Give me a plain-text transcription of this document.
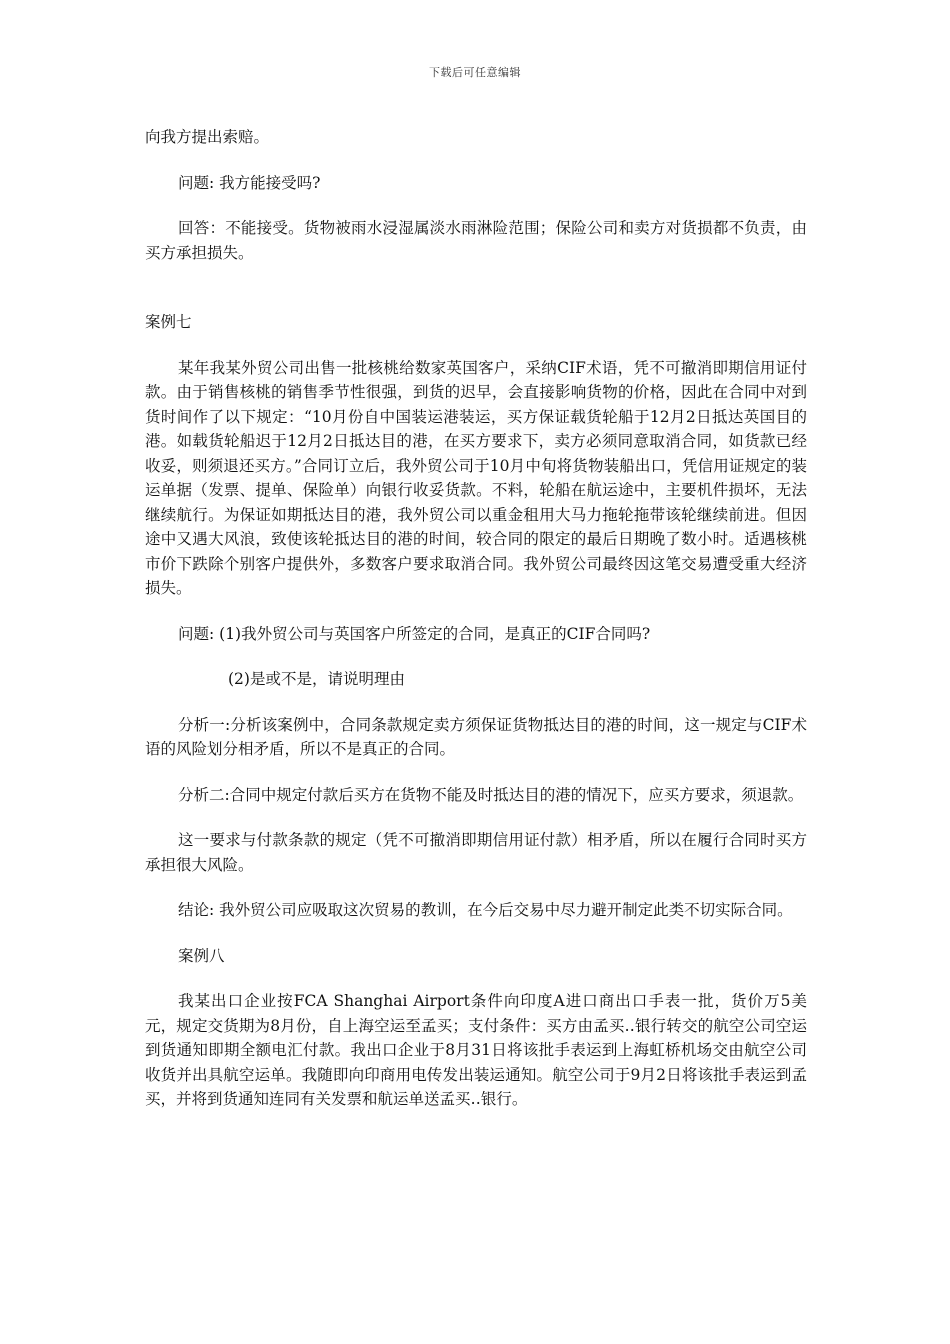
下载后可任意编辑

向我方提出索赔。

问题: 我方能接受吗?

回答：不能接受。货物被雨水浸湿属淡水雨淋险范围；保险公司和卖方对货损都不负责，由买方承担损失。

案例七

某年我某外贸公司出售一批核桃给数家英国客户，采纳CIF术语，凭不可撤消即期信用证付款。由于销售核桃的销售季节性很强，到货的迟早，会直接影响货物的价格，因此在合同中对到货时间作了以下规定：“10月份自中国装运港装运，买方保证载货轮船于12月2日抵达英国目的港。如载货轮船迟于12月2日抵达目的港，在买方要求下，卖方必须同意取消合同，如货款已经收妥，则须退还买方。”合同订立后，我外贸公司于10月中旬将货物装船出口，凭信用证规定的装运单据（发票、提单、保险单）向银行收妥货款。不料，轮船在航运途中，主要机件损坏，无法继续航行。为保证如期抵达目的港，我外贸公司以重金租用大马力拖轮拖带该轮继续前进。但因途中又遇大风浪，致使该轮抵达目的港的时间，较合同的限定的最后日期晚了数小时。适遇核桃市价下跌除个别客户提供外，多数客户要求取消合同。我外贸公司最终因这笔交易遭受重大经济损失。

问题: (1)我外贸公司与英国客户所签定的合同，是真正的CIF合同吗?

(2)是或不是，请说明理由

分析一:分析该案例中，合同条款规定卖方须保证货物抵达目的港的时间，这一规定与CIF术语的风险划分相矛盾，所以不是真正的合同。

分析二:合同中规定付款后买方在货物不能及时抵达目的港的情况下，应买方要求，须退款。

这一要求与付款条款的规定（凭不可撤消即期信用证付款）相矛盾，所以在履行合同时买方承担很大风险。

结论: 我外贸公司应吸取这次贸易的教训，在今后交易中尽力避开制定此类不切实际合同。

案例八

我某出口企业按FCA Shanghai Airport条件向印度A进口商出口手表一批，货价万5美元，规定交货期为8月份，自上海空运至孟买；支付条件：买方由孟买‥银行转交的航空公司空运到货通知即期全额电汇付款。我出口企业于8月31日将该批手表运到上海虹桥机场交由航空公司收货并出具航空运单。我随即向印商用电传发出装运通知。航空公司于9月2日将该批手表运到孟买，并将到货通知连同有关发票和航运单送孟买‥银行。
